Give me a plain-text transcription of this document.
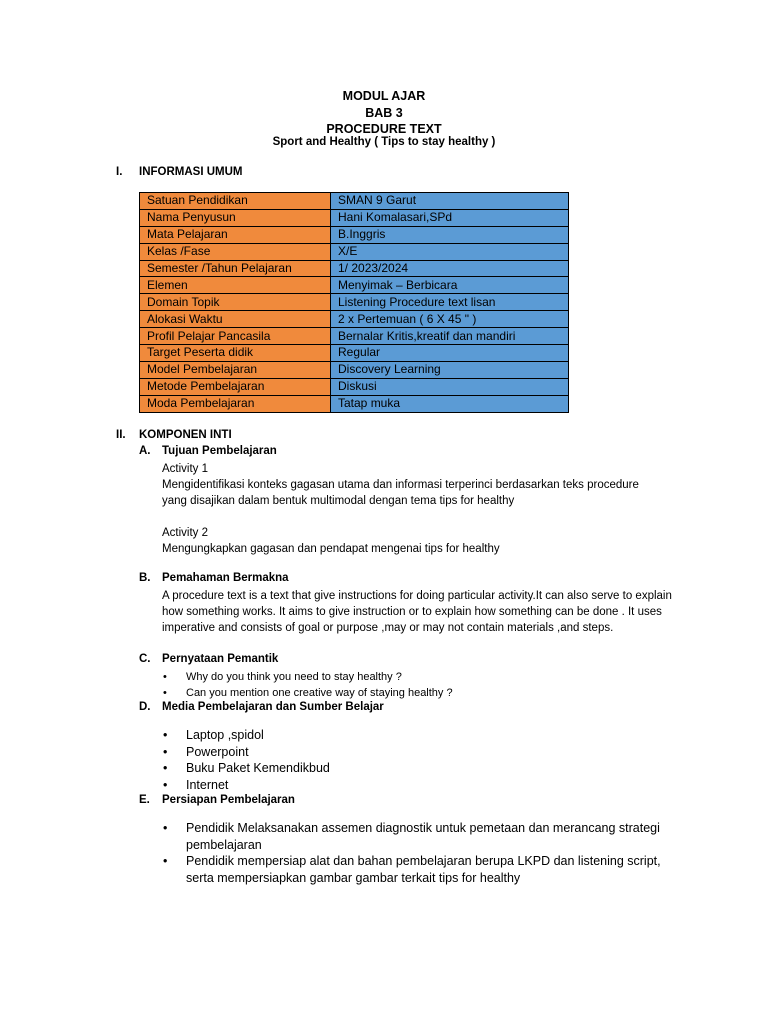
MODUL AJAR
BAB 3
PROCEDURE TEXT
Sport and Healthy ( Tips to stay healthy )
I. INFORMASI UMUM
Satuan Pendidikan	SMAN 9 Garut
Nama Penyusun	Hani Komalasari,SPd
Mata Pelajaran	B.Inggris
Kelas /Fase	X/E
Semester /Tahun Pelajaran	1/ 2023/2024
Elemen	Menyimak – Berbicara
Domain Topik	Listening Procedure text lisan
Alokasi Waktu	2 x Pertemuan ( 6 X 45 " )
Profil Pelajar Pancasila	Bernalar Kritis,kreatif dan mandiri
Target Peserta didik	Regular
Model Pembelajaran	Discovery Learning
Metode Pembelajaran	Diskusi
Moda Pembelajaran	Tatap muka
II. KOMPONEN INTI
A. Tujuan Pembelajaran
Activity 1
Mengidentifikasi konteks gagasan utama dan informasi terperinci berdasarkan teks procedure yang disajikan dalam bentuk multimodal dengan tema tips for healthy
Activity 2
Mengungkapkan gagasan dan pendapat mengenai tips for healthy
B. Pemahaman Bermakna
A procedure text is a text that give instructions for doing particular activity.It can also serve to explain how something works. It aims to give instruction or to explain how something can be done . It uses imperative and consists of goal or purpose ,may or may not contain materials ,and steps.
C. Pernyataan Pemantik
• Why do you think you need to stay healthy ?
• Can you mention one creative way of staying healthy ?
D. Media Pembelajaran dan Sumber Belajar
• Laptop ,spidol
• Powerpoint
• Buku Paket Kemendikbud
• Internet
E. Persiapan Pembelajaran
• Pendidik Melaksanakan assemen diagnostik untuk pemetaan dan merancang strategi pembelajaran
• Pendidik mempersiap alat dan bahan pembelajaran berupa LKPD dan listening script, serta mempersiapkan gambar gambar terkait tips for healthy
